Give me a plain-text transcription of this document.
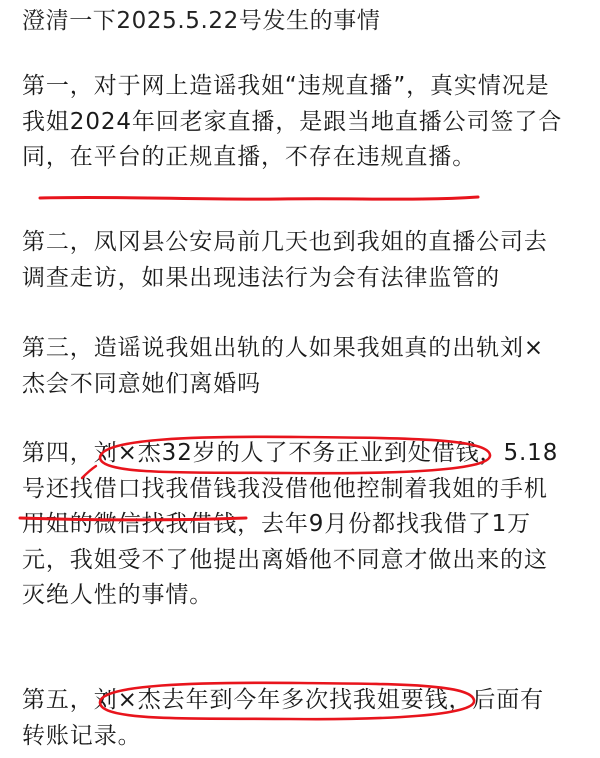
澄清一下2025.5.22号发生的事情
第一，对于网上造谣我姐“违规直播”，真实情况是
我姐2024年回老家直播，是跟当地直播公司签了合
同，在平台的正规直播，不存在违规直播。
第二，凤冈县公安局前几天也到我姐的直播公司去
调查走访，如果出现违法行为会有法律监管的
第三，造谣说我姐出轨的人如果我姐真的出轨刘×
杰会不同意她们离婚吗
第四，刘×杰32岁的人了不务正业到处借钱，5.18
号还找借口找我借钱我没借他他控制着我姐的手机
用姐的微信找我借钱，去年9月份都找我借了1万
元，我姐受不了他提出离婚他不同意才做出来的这
灭绝人性的事情。
第五，刘×杰去年到今年多次找我姐要钱，后面有
转账记录。
